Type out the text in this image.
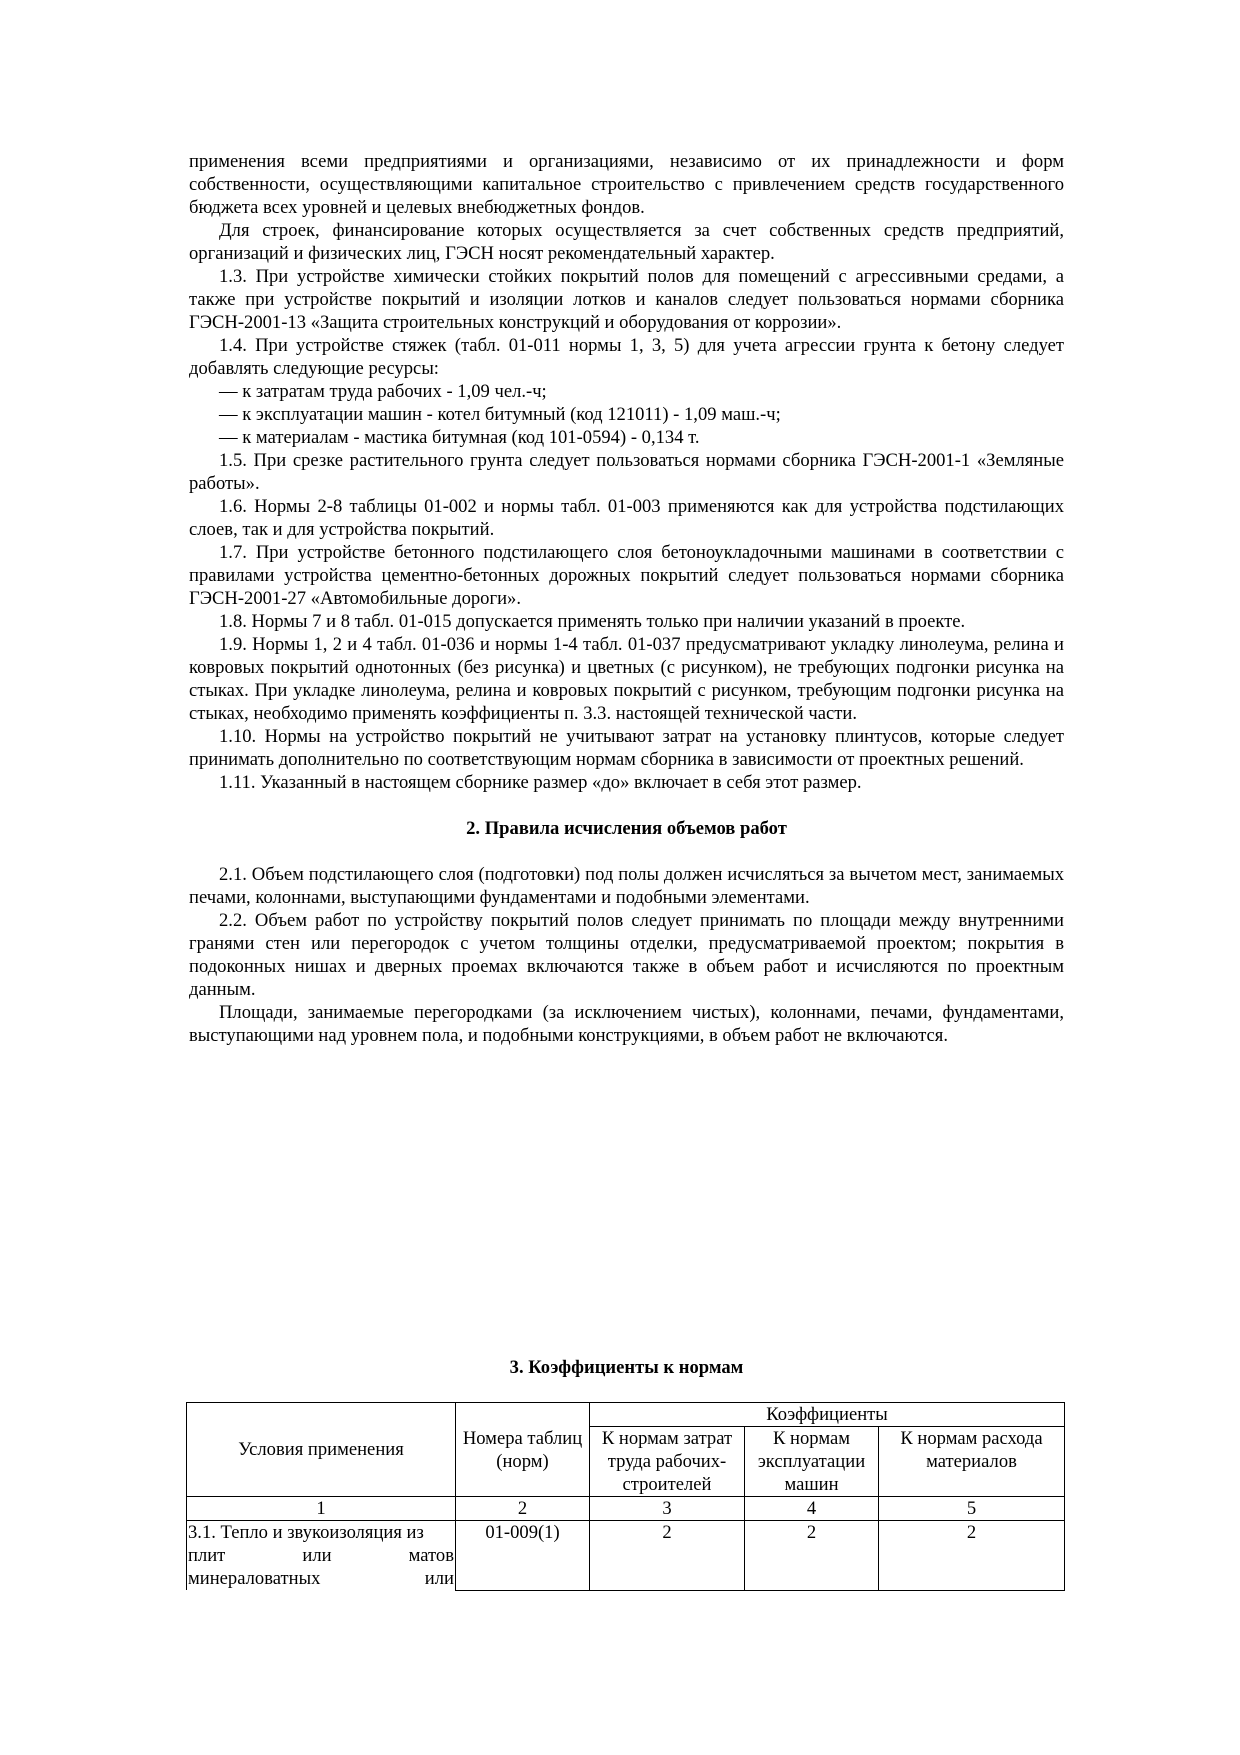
применения всеми предприятиями и организациями, независимо от их принадлежности и форм собственности, осуществляющими капитальное строительство с привлечением средств государственного бюджета всех уровней и целевых внебюджетных фондов.

Для строек, финансирование которых осуществляется за счет собственных средств предприятий, организаций и физических лиц, ГЭСН носят рекомендательный характер.

1.3. При устройстве химически стойких покрытий полов для помещений с агрессивными средами, а также при устройстве покрытий и изоляции лотков и каналов следует пользоваться нормами сборника ГЭСН-2001-13 «Защита строительных конструкций и оборудования от коррозии».

1.4. При устройстве стяжек (табл. 01-011 нормы 1, 3, 5) для учета агрессии грунта к бетону следует добавлять следующие ресурсы:

— к затратам труда рабочих - 1,09 чел.-ч;

— к эксплуатации машин - котел битумный (код 121011) - 1,09 маш.-ч;

— к материалам - мастика битумная (код 101-0594) - 0,134 т.

1.5. При срезке растительного грунта следует пользоваться нормами сборника ГЭСН-2001-1 «Земляные работы».

1.6. Нормы 2-8 таблицы 01-002 и нормы табл. 01-003 применяются как для устройства подстилающих слоев, так и для устройства покрытий.

1.7. При устройстве бетонного подстилающего слоя бетоноукладочными машинами в соответствии с правилами устройства цементно-бетонных дорожных покрытий следует пользоваться нормами сборника ГЭСН-2001-27 «Автомобильные дороги».

1.8. Нормы 7 и 8 табл. 01-015 допускается применять только при наличии указаний в проекте.

1.9. Нормы 1, 2 и 4 табл. 01-036 и нормы 1-4 табл. 01-037 предусматривают укладку линолеума, релина и ковровых покрытий однотонных (без рисунка) и цветных (с рисунком), не требующих подгонки рисунка на стыках. При укладке линолеума, релина и ковровых покрытий с рисунком, требующим подгонки рисунка на стыках, необходимо применять коэффициенты п. 3.3. настоящей технической части.

1.10. Нормы на устройство покрытий не учитывают затрат на установку плинтусов, которые следует принимать дополнительно по соответствующим нормам сборника в зависимости от проектных решений.

1.11. Указанный в настоящем сборнике размер «до» включает в себя этот размер.

2. Правила исчисления объемов работ

2.1. Объем подстилающего слоя (подготовки) под полы должен исчисляться за вычетом мест, занимаемых печами, колоннами, выступающими фундаментами и подобными элементами.

2.2. Объем работ по устройству покрытий полов следует принимать по площади между внутренними гранями стен или перегородок с учетом толщины отделки, предусматриваемой проектом; покрытия в подоконных нишах и дверных проемах включаются также в объем работ и исчисляются по проектным данным.

Площади, занимаемые перегородками (за исключением чистых), колоннами, печами, фундаментами, выступающими над уровнем пола, и подобными конструкциями, в объем работ не включаются.

3. Коэффициенты к нормам
Условия применения	Номера таблиц (норм)	Коэффициенты		
		К нормам затрат труда рабочих-строителей	К нормам эксплуатации машин	К нормам расхода материалов
1	2	3	4	5

3.1. Тепло и звукоизоляция из
плит или матов
минераловатных или	01-009(1)	2	2	2
